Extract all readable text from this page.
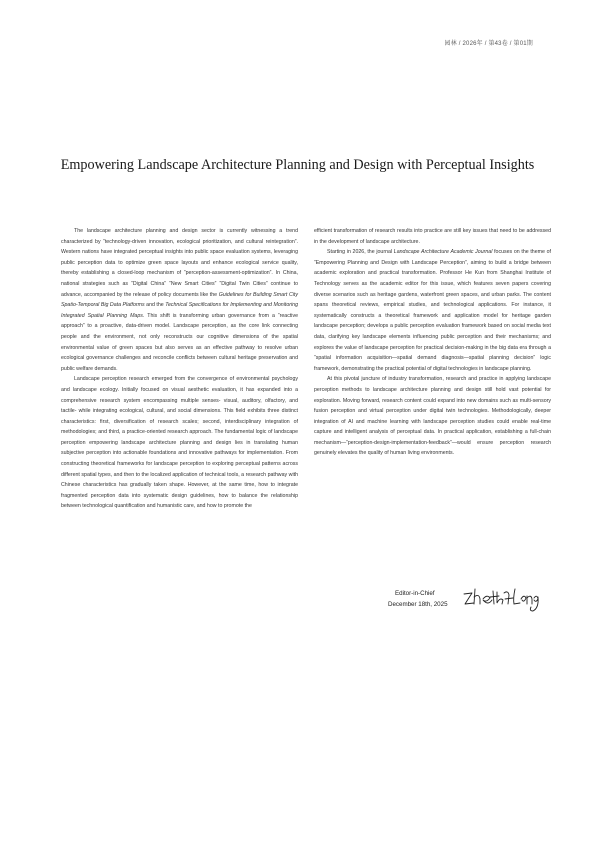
园林 / 2026年 / 第43卷 / 第01期
Empowering Landscape Architecture Planning and Design with Perceptual Insights

The landscape architecture planning and design sector is currently witnessing a trend characterized by “technology-driven innovation, ecological prioritization, and cultural reintegration”. Western nations have integrated perceptual insights into public space evaluation systems, leveraging public perception data to optimize green space layouts and enhance ecological service quality, thereby establishing a closed-loop mechanism of “perception-assessment-optimization”. In China, national strategies such as “Digital China” “New Smart Cities” “Digital Twin Cities” continue to advance, accompanied by the release of policy documents like the Guidelines for Building Smart City Spatio-Temporal Big Data Platforms and the Technical Specifications for Implementing and Monitoring Integrated Spatial Planning Maps. This shift is transforming urban governance from a “reactive approach” to a proactive, data-driven model. Landscape perception, as the core link connecting people and the environment, not only reconstructs our cognitive dimensions of the spatial environmental value of green spaces but also serves as an effective pathway to resolve urban ecological governance challenges and reconcile conflicts between cultural heritage preservation and public welfare demands.

Landscape perception research emerged from the convergence of environmental psychology and landscape ecology. Initially focused on visual aesthetic evaluation, it has expanded into a comprehensive research system encompassing multiple senses- visual, auditory, olfactory, and tactile- while integrating ecological, cultural, and social dimensions. This field exhibits three distinct characteristics: first, diversification of research scales; second, interdisciplinary integration of methodologies; and third, a practice-oriented research approach. The fundamental logic of landscape perception empowering landscape architecture planning and design lies in translating human subjective perception into actionable foundations and innovative pathways for implementation. From constructing theoretical frameworks for landscape perception to exploring perceptual patterns across different spatial types, and then to the localized application of technical tools, a research pathway with Chinese characteristics has gradually taken shape. However, at the same time, how to integrate fragmented perception data into systematic design guidelines, how to balance the relationship between technological quantification and humanistic care, and how to promote the

efficient transformation of research results into practice are still key issues that need to be addressed in the development of landscape architecture.

Starting in 2026, the journal Landscape Architecture Academic Journal focuses on the theme of “Empowering Planning and Design with Landscape Perception”, aiming to build a bridge between academic exploration and practical transformation. Professor He Kun from Shanghai Institute of Technology serves as the academic editor for this issue, which features seven papers covering diverse scenarios such as heritage gardens, waterfront green spaces, and urban parks. The content spans theoretical reviews, empirical studies, and technological applications. For instance, it systematically constructs a theoretical framework and application model for heritage garden landscape perception; develops a public perception evaluation framework based on social media text data, clarifying key landscape elements influencing public perception and their mechanisms; and explores the value of landscape perception for practical decision-making in the big data era through a “spatial information acquisition—spatial demand diagnosis—spatial planning decision” logic framework, demonstrating the practical potential of digital technologies in landscape planning.

At this pivotal juncture of industry transformation, research and practice in applying landscape perception methods to landscape architecture planning and design still hold vast potential for exploration. Moving forward, research content could expand into new domains such as multi-sensory fusion perception and virtual perception under digital twin technologies. Methodologically, deeper integration of AI and machine learning with landscape perception studies could enable real-time capture and intelligent analysis of perceptual data. In practical application, establishing a full-chain mechanism—“perception-design-implementation-feedback”—would ensure perception research genuinely elevates the quality of human living environments.

Editor-in-Chief
December 18th, 2025
